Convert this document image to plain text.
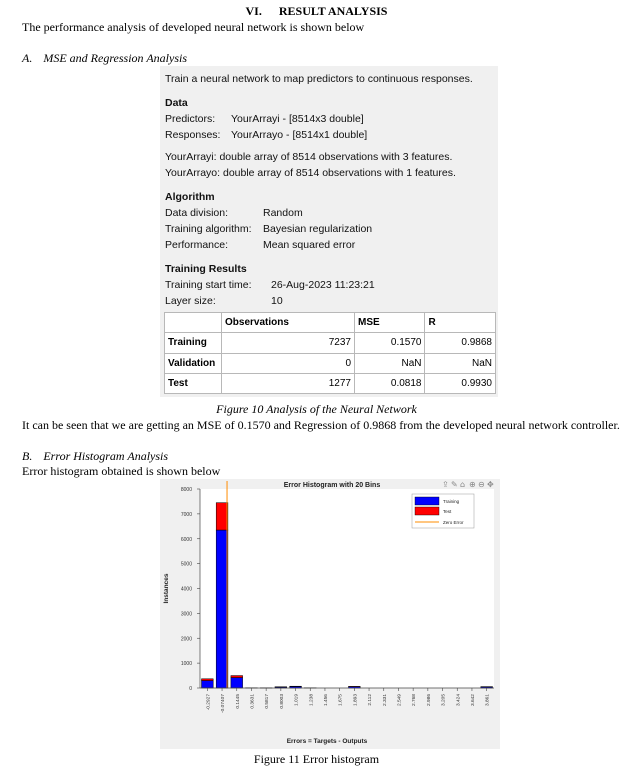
VI. RESULT ANALYSIS
The performance analysis of developed neural network is shown below
A. MSE and Regression Analysis
Train a neural network to map predictors to continuous responses.
Data
Predictors: YourArrayi - [8514x3 double]
Responses: YourArrayo - [8514x1 double]
YourArrayi: double array of 8514 observations with 3 features.
YourArrayo: double array of 8514 observations with 1 features.
Algorithm
Data division:	Random
Training algorithm: Bayesian regularization
Performance:	Mean squared error
Training Results
Training start time: 26-Aug-2023 11:23:21
Layer size:	10
	Observations	MSE	R
Training	7237	0.1570	0.9868
Validation	0	NaN	NaN
Test	1277	0.0818	0.9930
Figure 10 Analysis of the Neural Network
It can be seen that we are getting an MSE of 0.1570 and Regression of 0.9868 from the developed neural network controller.
B. Error Histogram Analysis
Error histogram obtained is shown below
Error Histogram with 20 Bins	⇪ ✎ ⌂ ⊕ ⊖ ✥
0
1000
2000
3000
4000
5000
6000
7000
8000
Instances
-0.2927 -0.07407 0.1445 0.3631 0.5817 0.8003 1.019 1.238 1.456 1.675 1.893 2.112 2.331 2.549 2.768 2.986 3.205 3.424 3.642 3.861
Training
Test
Zero Error
Errors = Targets - Outputs
Figure 11 Error histogram
